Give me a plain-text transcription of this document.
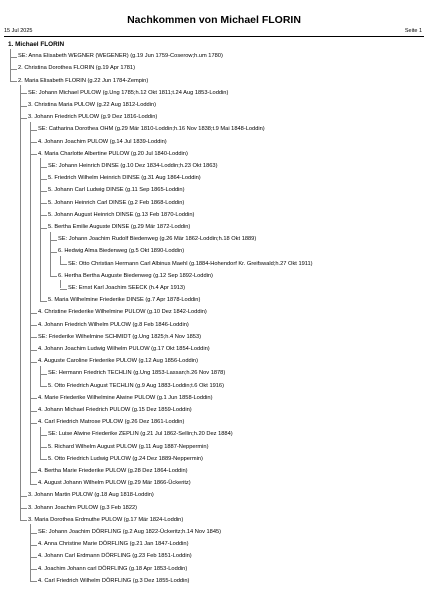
Nachkommen von Michael FLORIN
15 Jul 2025	Seite 1
1. Michael FLORIN
SE: Anna Elisabeth WEGNER (WEGENER) (g.19 Jun 1759-Coserow;h.um 1780)
2. Christina Dorothea FLORIN (g.19 Apr 1781)
2. Maria Elisabeth FLORIN (g.22 Jun 1784-Zempin)
SE: Johann Michael PULOW (g.Ung 1785;h.12 Okt 1811;t.24 Aug 1853-Loddin)
3. Christina Maria PULOW (g.22 Aug 1812-Loddin)
3. Johann Friedrich PULOW (g.9 Dez 1816-Loddin)
SE: Catharina Dorothea OHM (g.29 Mär 1810-Loddin;h.16 Nov 1838;t.9 Mai 1848-Loddin)
4. Johann Joachim PULOW (g.14 Jul 1839-Loddin)
4. Maria Charlotte Albertine PULOW (g.20 Jul 1840-Loddin)
SE: Johann Heinrich DINSE (g.10 Dez 1834-Loddin;h.23 Okt 1863)
5. Friedrich Wilhelm Heinrich DINSE (g.31 Aug 1864-Loddin)
5. Johann Carl Ludwig DINSE (g.11 Sep 1865-Loddin)
5. Johann Heinrich Carl DINSE (g.2 Feb 1868-Loddin)
5. Johann August Heinrich DINSE (g.13 Feb 1870-Loddin)
5. Bertha Emilie Auguste DINSE (g.29 Mär 1872-Loddin)
SE: Johann Joachim Rudolf Biedenweg (g.26 Mär 1862-Loddin;h.18 Okt 1889)
6. Hedwig Alma Biedenweg (g.5 Okt 1890-Loddin)
SE: Otto Christian Hermann Carl Albinus Maehl (g.1884-Hohendorf Kr. Greifswald;h.27 Okt 1911)
6. Hertha Bertha Auguste Biedenweg (g.12 Sep 1892-Loddin)
SE: Ernst Karl Joachim SEECK (h.4 Apr 1913)
5. Maria Wilhelmine Friederike DINSE (g.7 Apr 1878-Loddin)
4. Christine Friederike Wilhelmine PULOW (g.10 Dez 1842-Loddin)
4. Johann Friedrich Wilhelm PULOW (g.8 Feb 1846-Loddin)
SE: Friederike Wilhelmine SCHMIDT (g.Ung 1825;h.4 Nov 1853)
4. Johann Joachim Ludwig Wilhelm PULOW (g.17 Okt 1854-Loddin)
4. Auguste Caroline Friederike PULOW (g.12 Aug 1856-Loddin)
SE: Hermann Friedrich TECHLIN (g.Ung 1853-Lassan;h.26 Nov 1878)
5. Otto Friedrich August TECHLIN (g.9 Aug 1883-Loddin;t.6 Okt 1916)
4. Marie Friederike Wilhelmine Alwine PULOW (g.1 Jun 1858-Loddin)
4. Johann Michael Friedrich PULOW (g.15 Dez 1859-Loddin)
4. Carl Friedrich Matrose PULOW (g.26 Dez 1861-Loddin)
SE: Luise Alwine Friederike ZEPLIN (g.21 Jul 1862-Sellin;h.20 Dez 1884)
5. Richard Wilhelm August PULOW (g.11 Aug 1887-Neppermin)
5. Otto Friedrich Ludwig PULOW (g.24 Dez 1889-Neppermin)
4. Bertha Marie Friederike PULOW (g.28 Dez 1864-Loddin)
4. August Johann Wilhelm PULOW (g.29 Mär 1866-Ückeritz)
3. Johann Martin PULOW (g.18 Aug 1818-Loddin)
3. Johann Joachim PULOW (g.3 Feb 1822)
3. Maria Dorothea Erdmuthe PULOW (g.17 Mär 1824-Loddin)
SE: Johann Joachim DÖRFLING (g.2 Aug 1822-Ückeritz;h.14 Nov 1845)
4. Anna Christine Marie DÖRFLING (g.21 Jan 1847-Loddin)
4. Johann Carl Erdmann DÖRFLING (g.23 Feb 1851-Loddin)
4. Joachim Johann carl DÖRFLING (g.18 Apr 1853-Loddin)
4. Carl Friedrich Wilhelm DÖRFLING (g.3 Dez 1855-Loddin)
